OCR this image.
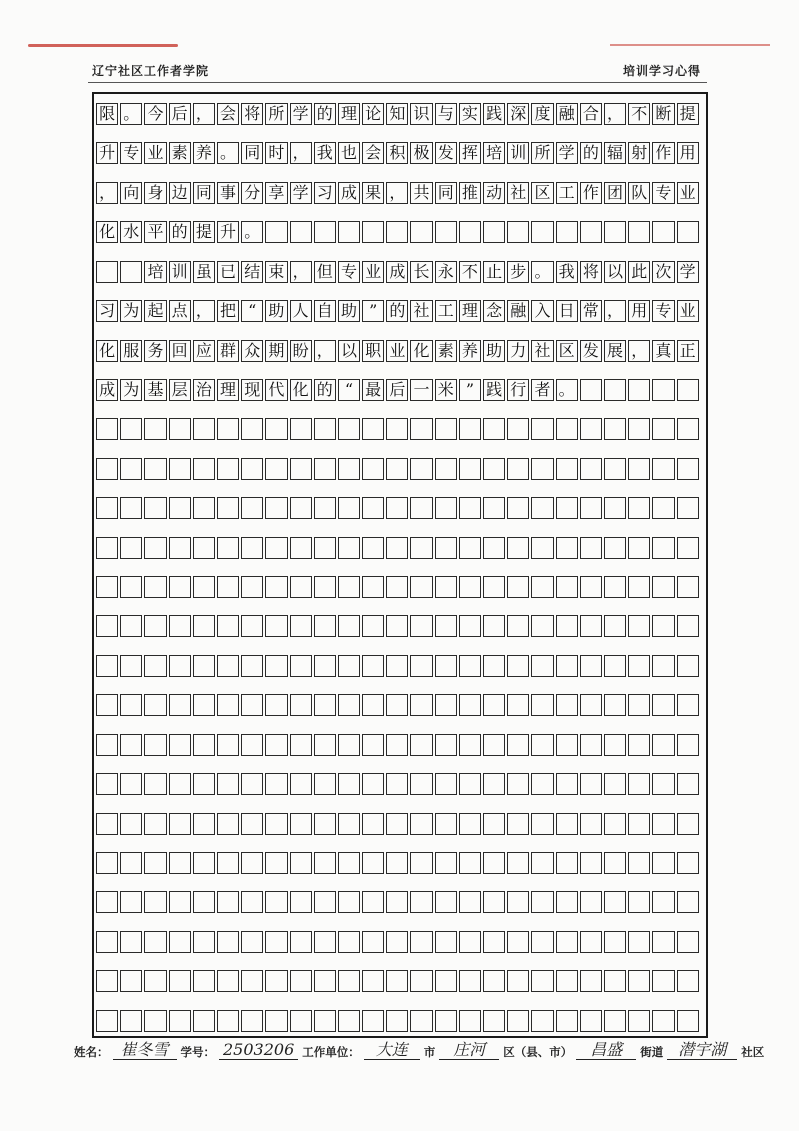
辽宁社区工作者学院	培训学习心得
限 。 今 后 ， 会 将 所 学 的 理 论 知 识 与 实 践 深 度 融 合 ， 不 断 提
升 专 业 素 养 。 同 时 ， 我 也 会 积 极 发 挥 培 训 所 学 的 辐 射 作 用
， 向 身 边 同 事 分 享 学 习 成 果 ， 共 同 推 动 社 区 工 作 团 队 专 业
化 水 平 的 提 升 。
培 训 虽 已 结 束 ， 但 专 业 成 长 永 不 止 步 。 我 将 以 此 次 学
习 为 起 点 ， 把 “ 助 人 自 助 ” 的 社 工 理 念 融 入 日 常 ， 用 专 业
化 服 务 回 应 群 众 期 盼 ， 以 职 业 化 素 养 助 力 社 区 发 展 ， 真 正
成 为 基 层 治 理 现 代 化 的 “ 最 后 一 米 ” 践 行 者 。
姓名： 崔冬雪	学号： 2503206 工作单位： 大连	市	庄河	区（县、市）	昌盛	街道 潜宇湖	社区
